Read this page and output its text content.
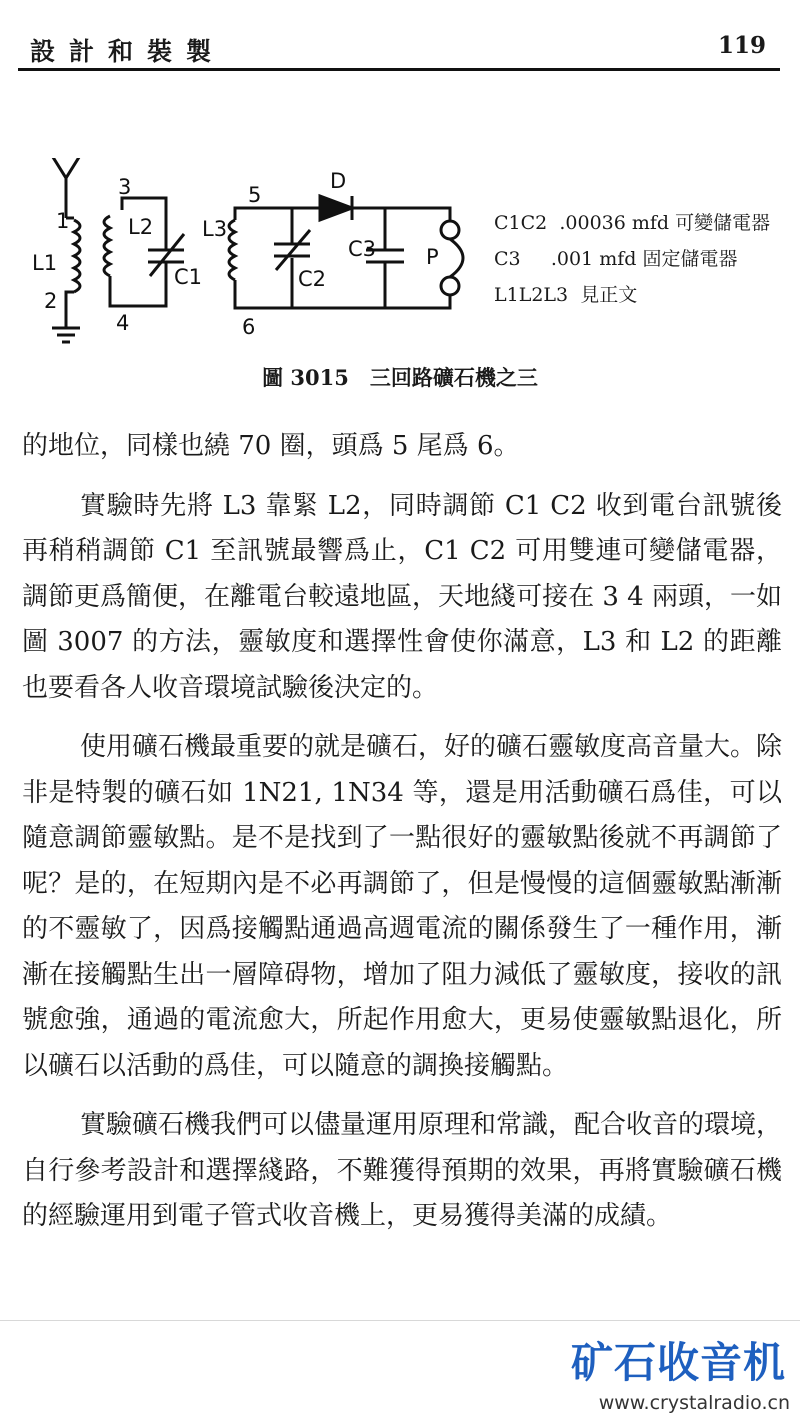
設計和裝製	119
1
2
3
4
5
6
L1
L2 L3
C1	C2
C3
D
P
C1C2 .00036 mfd 可變儲電器
C3 .001 mfd 固定儲電器
L1L2L3 見正文
圖 3015　三回路礦石機之三

的地位，同樣也繞 70 圈，頭爲 5 尾爲 6。

實驗時先將 L3 靠緊 L2，同時調節 C1 C2 收到電台訊號後再稍稍調節 C1 至訊號最響爲止，C1 C2 可用雙連可變儲電器，調節更爲簡便，在離電台較遠地區，天地綫可接在 3 4 兩頭，一如圖 3007 的方法，靈敏度和選擇性會使你滿意，L3 和 L2 的距離也要看各人收音環境試驗後決定的。

使用礦石機最重要的就是礦石，好的礦石靈敏度高音量大。除非是特製的礦石如 1N21, 1N34 等，還是用活動礦石爲佳，可以隨意調節靈敏點。是不是找到了一點很好的靈敏點後就不再調節了呢？是的，在短期內是不必再調節了，但是慢慢的這個靈敏點漸漸的不靈敏了，因爲接觸點通過高週電流的關係發生了一種作用，漸漸在接觸點生出一層障碍物，增加了阻力減低了靈敏度，接收的訊號愈強，通過的電流愈大，所起作用愈大，更易使靈敏點退化，所以礦石以活動的爲佳，可以隨意的調換接觸點。

實驗礦石機我們可以儘量運用原理和常識，配合收音的環境，自行參考設計和選擇綫路，不難獲得預期的效果，再將實驗礦石機的經驗運用到電子管式收音機上，更易獲得美滿的成績。

矿石收音机
www.crystalradio.cn
